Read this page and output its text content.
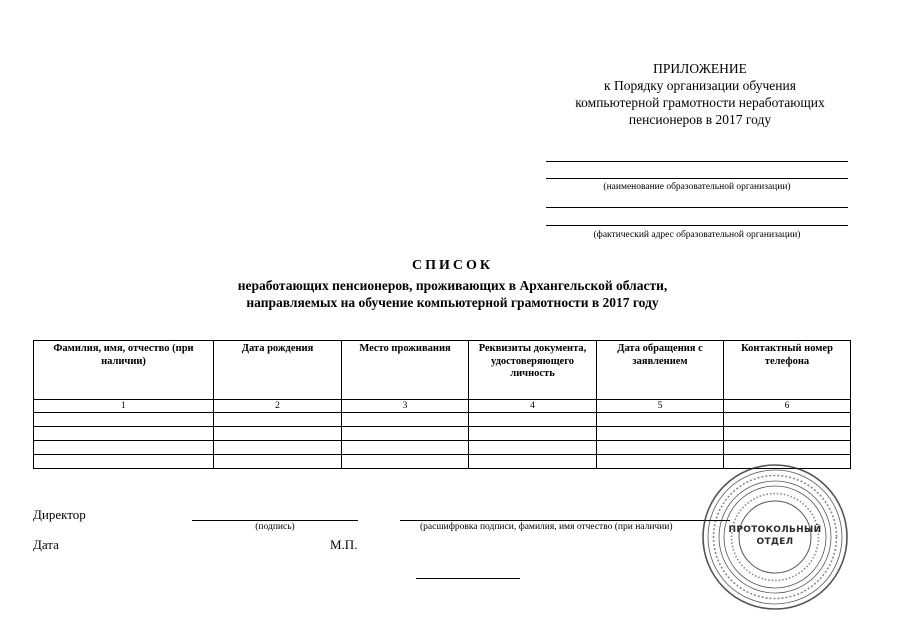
ПРИЛОЖЕНИЕ
к Порядку организации обучения
компьютерной грамотности неработающих
пенсионеров в 2017 году
(наименование образовательной организации)
(фактический адрес образовательной организации)
СПИСОК
неработающих пенсионеров, проживающих в Архангельской области,
направляемых на обучение компьютерной грамотности в 2017 году
Фамилия, имя, отчество (при наличии)	Дата рождения	Место проживания	Реквизиты документа, удостоверяющего личность	Дата обращения с заявлением	Контактный номер телефона
1	2	3	4	5	6

Директор
(подпись)	(расшифровка подписи, фамилия, имя отчество (при наличии)
Дата	М.П.
ПРОТОКОЛЬНЫЙ
ОТДЕЛ
